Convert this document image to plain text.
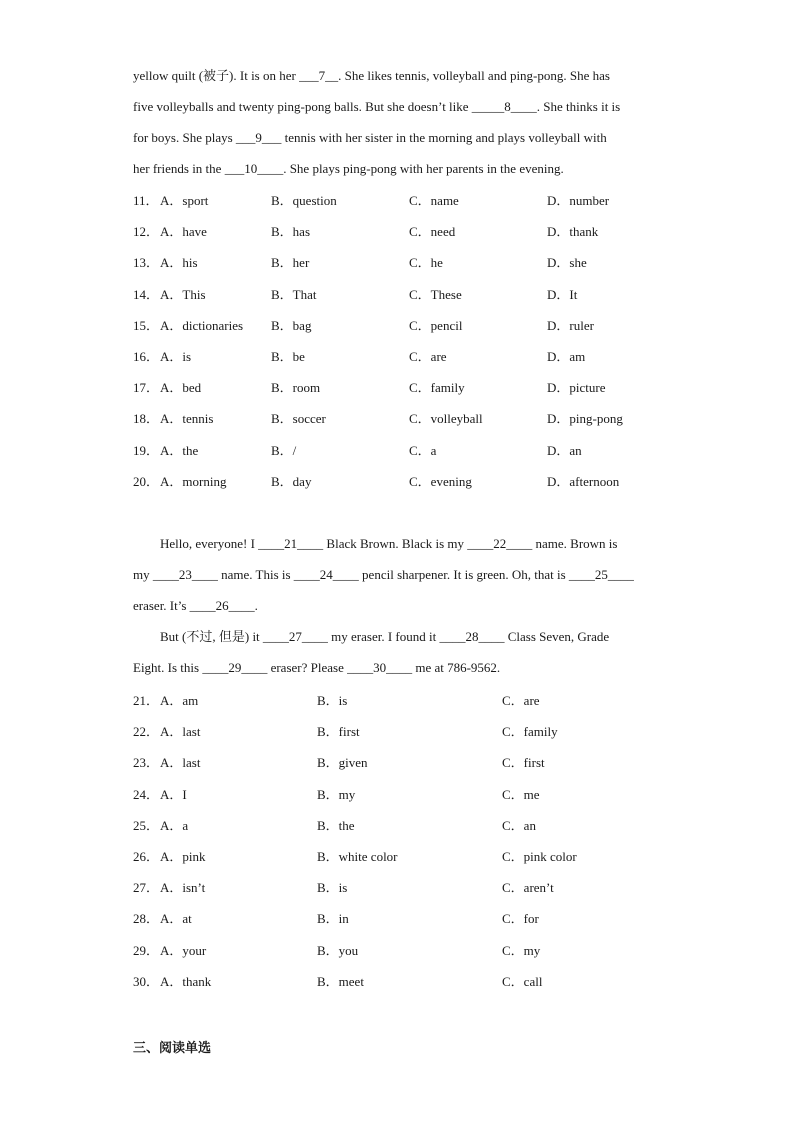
yellow quilt (被子). It is on her ___7__. She likes tennis, volleyball and ping-pong. She has
five volleyballs and twenty ping-pong balls. But she doesn’t like _____8____. She thinks it is
for boys. She plays ___9___ tennis with her sister in the morning and plays volleyball with
her friends in the ___10____. She plays ping-pong with her parents in the evening.
11． A．sport	B．question	C．name	D．number
12． A．have	B．has	C．need	D．thank
13． A．his	B．her	C．he	D．she
14． A．This	B．That	C．These	D．It
15． A．dictionaries B．bag	C．pencil	D．ruler
16． A．is	B．be	C．are	D．am
17． A．bed	B．room	C．family	D．picture
18． A．tennis	B．soccer	C．volleyball	D．ping-pong
19． A．the	B．/	C．a	D．an
20． A．morning	B．day	C．evening	D．afternoon
Hello, everyone! I ____21____ Black Brown. Black is my ____22____ name. Brown is
my ____23____ name. This is ____24____ pencil sharpener. It is green. Oh, that is ____25____
eraser. It’s ____26____.
But (不过, 但是) it ____27____ my eraser. I found it ____28____ Class Seven, Grade
Eight. Is this ____29____ eraser? Please ____30____ me at 786-9562.
21． A．am	B．is	C．are
22． A．last	B．first	C．family
23． A．last	B．given	C．first
24． A．I	B．my	C．me
25． A．a	B．the	C．an
26． A．pink	B．white color	C．pink color
27． A．isn’t	B．is	C．aren’t
28． A．at	B．in	C．for
29． A．your	B．you	C．my
30． A．thank	B．meet	C．call
三、阅读单选
